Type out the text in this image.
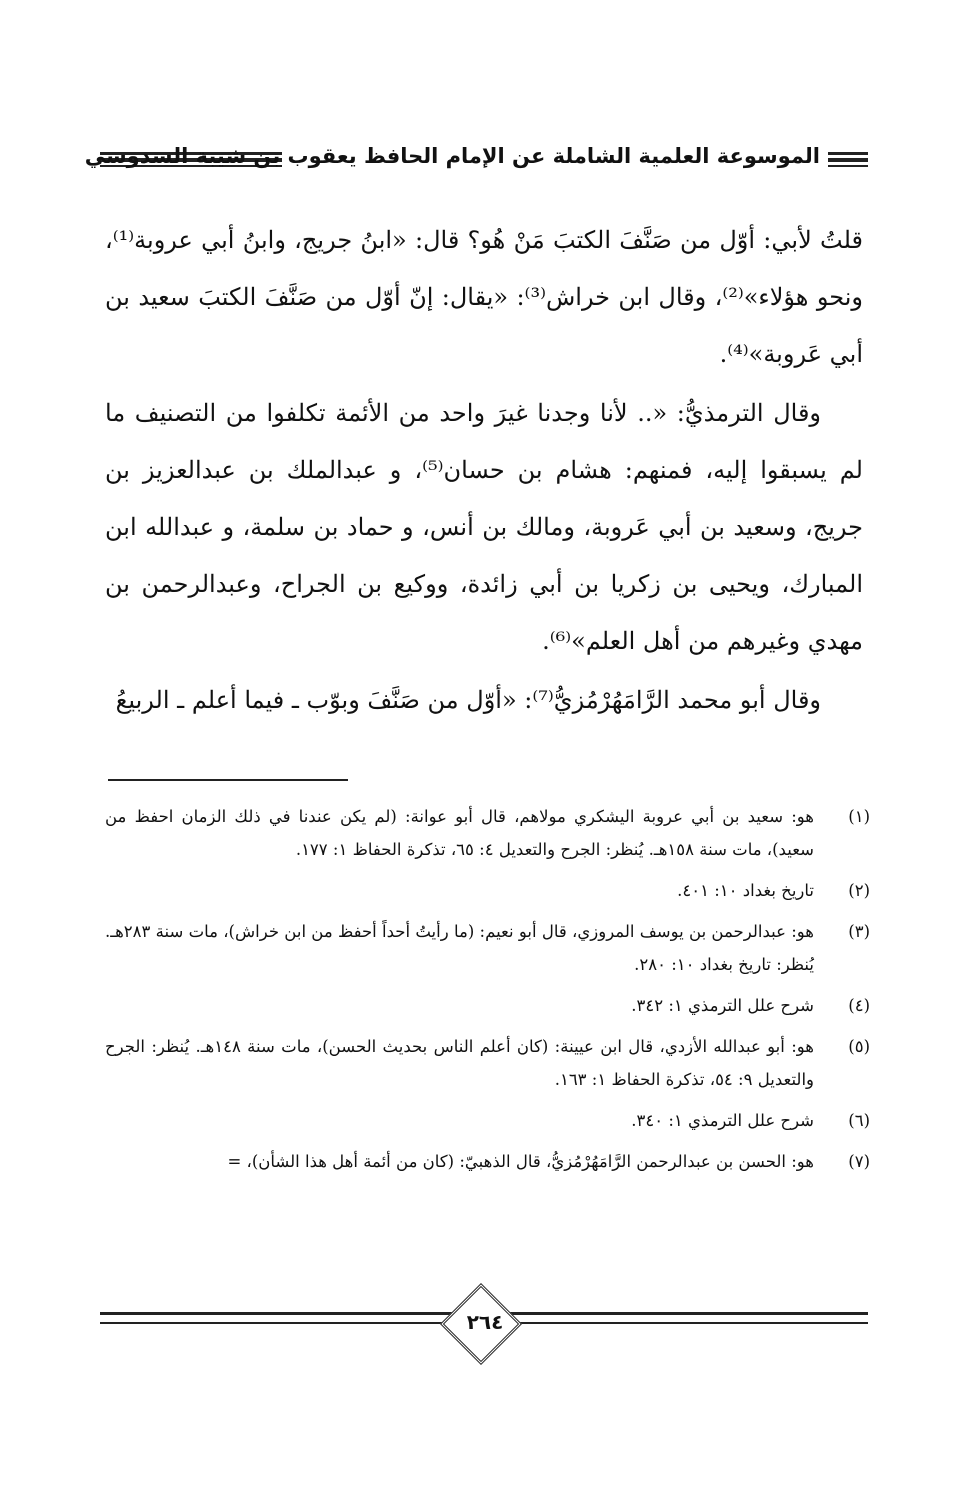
الموسوعة العلمية الشاملة عن الإمام الحافظ يعقوب بن شيبة السدوسي

قلتُ لأبي: أوّل من صَنَّفَ الكتبَ مَنْ هُو؟ قال: «ابنُ جريج، وابنُ أبي عروبة⁽¹⁾، ونحو هؤلاء»⁽²⁾، وقال ابن خراش⁽³⁾: «يقال: إنّ أوّل من صَنَّفَ الكتبَ سعيد بن أبي عَروبة»⁽⁴⁾.

وقال الترمذيُّ: «.. لأنا وجدنا غيرَ واحد من الأئمة تكلفوا من التصنيف ما لم يسبقوا إليه، فمنهم: هشام بن حسان⁽⁵⁾، و عبدالملك بن عبدالعزيز بن جريج، وسعيد بن أبي عَروبة، ومالك بن أنس، و حماد بن سلمة، و عبدالله ابن المبارك، ويحيى بن زكريا بن أبي زائدة، ووكيع بن الجراح، وعبدالرحمن بن مهدي وغيرهم من أهل العلم»⁽⁶⁾.

وقال أبو محمد الرَّامَهُرْمُزيُّ⁽⁷⁾: «أوّل من صَنَّفَ وبوّب ـ فيما أعلم ـ الربيعُ

(١)
هو: سعيد بن أبي عروبة اليشكري مولاهم، قال أبو عوانة: (لم يكن عندنا في ذلك الزمان احفظ من سعيد)، مات سنة ١٥٨هـ. يُنظر: الجرح والتعديل ٤: ٦٥، تذكرة الحفاظ ١: ١٧٧.
(٢)
تاريخ بغداد ١٠: ٤٠١.
(٣)
هو: عبدالرحمن بن يوسف المروزي، قال أبو نعيم: (ما رأيتُ أحداً أحفظ من ابن خراش)، مات سنة ٢٨٣هـ. يُنظر: تاريخ بغداد ١٠: ٢٨٠.
(٤)
شرح علل الترمذي ١: ٣٤٢.
(٥)
هو: أبو عبدالله الأزدي، قال ابن عيينة: (كان أعلم الناس بحديث الحسن)، مات سنة ١٤٨هـ. يُنظر: الجرح والتعديل ٩: ٥٤، تذكرة الحفاظ ١: ١٦٣.
(٦)
شرح علل الترمذي ١: ٣٤٠.
(٧)
هو: الحسن بن عبدالرحمن الرَّامَهُرْمُزيُّ، قال الذهبيّ: (كان من أئمة أهل هذا الشأن)، =
٢٦٤
